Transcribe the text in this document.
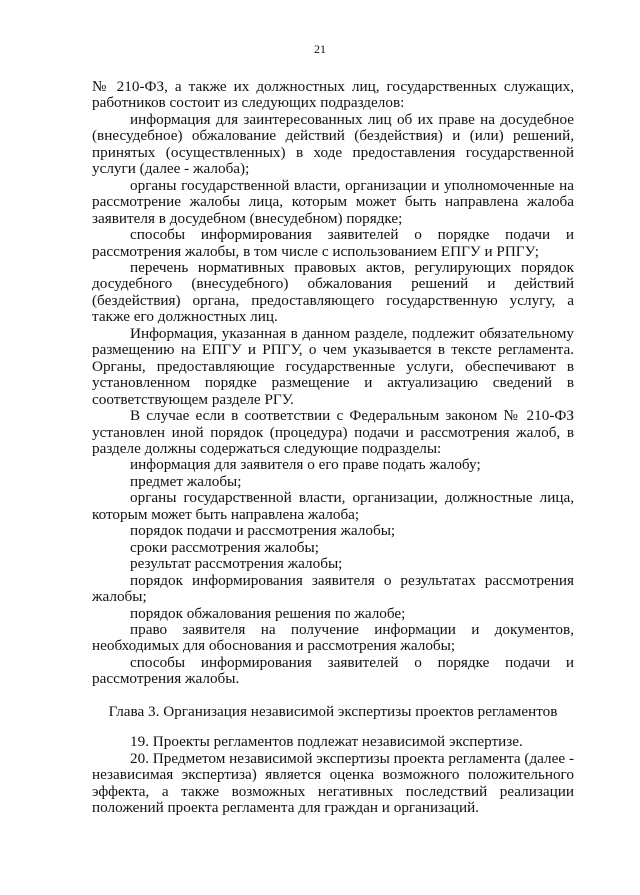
21

№ 210-ФЗ, а также их должностных лиц, государственных служащих, работников состоит из следующих подразделов:

информация для заинтересованных лиц об их праве на досудебное (внесудебное) обжалование действий (бездействия) и (или) решений, принятых (осуществленных) в ходе предоставления государственной услуги (далее - жалоба);

органы государственной власти, организации и уполномоченные на рассмотрение жалобы лица, которым может быть направлена жалоба заявителя в досудебном (внесудебном) порядке;

способы информирования заявителей о порядке подачи и рассмотрения жалобы, в том числе с использованием ЕПГУ и РПГУ;

перечень нормативных правовых актов, регулирующих порядок досудебного (внесудебного) обжалования решений и действий (бездействия) органа, предоставляющего государственную услугу, а также его должностных лиц.

Информация, указанная в данном разделе, подлежит обязательному размещению на ЕПГУ и РПГУ, о чем указывается в тексте регламента. Органы, предоставляющие государственные услуги, обеспечивают в установленном порядке размещение и актуализацию сведений в соответствующем разделе РГУ.

В случае если в соответствии с Федеральным законом № 210-ФЗ установлен иной порядок (процедура) подачи и рассмотрения жалоб, в разделе должны содержаться следующие подразделы:

информация для заявителя о его праве подать жалобу;

предмет жалобы;

органы государственной власти, организации, должностные лица, которым может быть направлена жалоба;

порядок подачи и рассмотрения жалобы;

сроки рассмотрения жалобы;

результат рассмотрения жалобы;

порядок информирования заявителя о результатах рассмотрения жалобы;

порядок обжалования решения по жалобе;

право заявителя на получение информации и документов, необходимых для обоснования и рассмотрения жалобы;

способы информирования заявителей о порядке подачи и рассмотрения жалобы.

Глава 3. Организация независимой экспертизы проектов регламентов

19. Проекты регламентов подлежат независимой экспертизе.

20. Предметом независимой экспертизы проекта регламента (далее - независимая экспертиза) является оценка возможного положительного эффекта, а также возможных негативных последствий реализации положений проекта регламента для граждан и организаций.
